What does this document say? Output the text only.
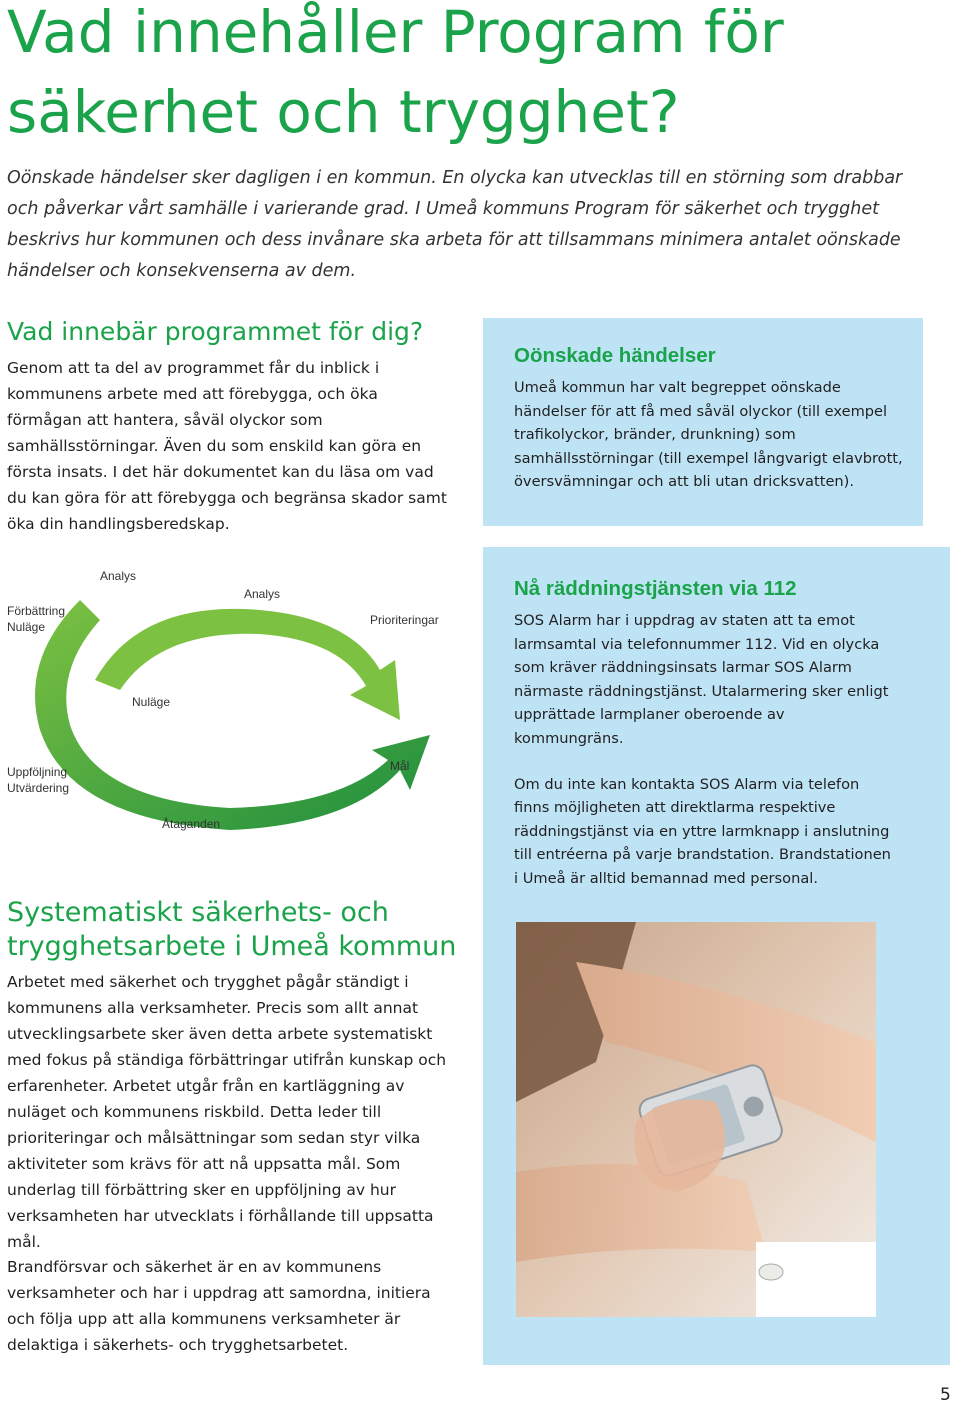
Vad innehåller Program för säkerhet och trygghet?

Oönskade händelser sker dagligen i en kommun. En olycka kan utvecklas till en störning som drabbar och påverkar vårt samhälle i varierande grad. I Umeå kommuns Program för säkerhet och trygghet beskrivs hur kommunen och dess invånare ska arbeta för att tillsammans minimera antalet oönskade händelser och konsekvenserna av dem.

Vad innebär programmet för dig?

Genom att ta del av programmet får du inblick i kommunens arbete med att förebygga, och öka förmågan att hantera, såväl olyckor som samhällsstörningar. Även du som enskild kan göra en första insats. I det här dokumentet kan du läsa om vad du kan göra för att förebygga och begränsa skador samt öka din handlingsberedskap.

Oönskade händelser

Umeå kommun har valt begreppet oönskade händelser för att få med såväl olyckor (till exempel trafikolyckor, bränder, drunkning) som samhällsstörningar (till exempel långvarigt elavbrott, översvämningar och att bli utan dricksvatten).

Nå räddningstjänsten via 112

SOS Alarm har i uppdrag av staten att ta emot larmsamtal via telefonnummer 112. Vid en olycka som kräver räddningsinsats larmar SOS Alarm närmaste räddningstjänst. Utalarmering sker enligt upprättade larmplaner oberoende av kommungräns.

Om du inte kan kontakta SOS Alarm via telefon finns möjligheten att direktlarma respektive räddningstjänst via en yttre larmknapp i anslutning till entréerna på varje brandstation. Brandstationen i Umeå är alltid bemannad med personal.

Analys
Förbättring
Nuläge
Uppföljning
Utvärdering
Analys
Prioriteringar
Nuläge
Mål
Åtaganden
Systematiskt säkerhets- och trygghetsarbete i Umeå kommun

Arbetet med säkerhet och trygghet pågår ständigt i kommunens alla verksamheter. Precis som allt annat utvecklingsarbete sker även detta arbete systematiskt med fokus på ständiga förbättringar utifrån kunskap och erfarenheter. Arbetet utgår från en kartläggning av nuläget och kommunens riskbild. Detta leder till prioriteringar och målsättningar som sedan styr vilka aktiviteter som krävs för att nå uppsatta mål. Som underlag till förbättring sker en uppföljning av hur verksamheten har utvecklats i förhållande till uppsatta mål.

Brandförsvar och säkerhet är en av kommunens verksamheter och har i uppdrag att samordna, initiera och följa upp att alla kommunens verksamheter är delaktiga i säkerhets- och trygghetsarbetet.

5
